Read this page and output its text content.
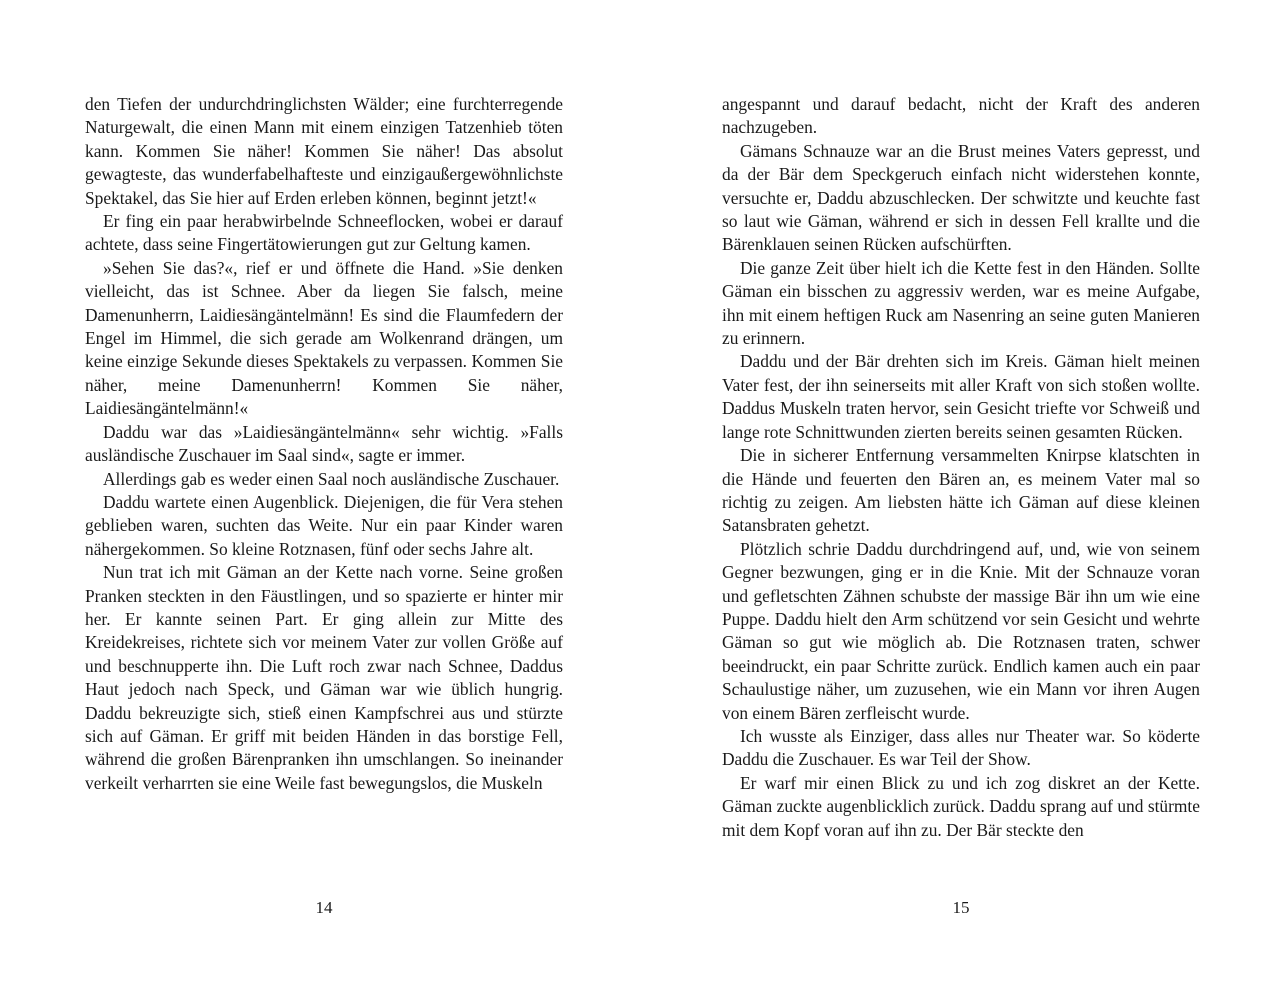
den Tiefen der undurchdringlichsten Wälder; eine furchterregende Naturgewalt, die einen Mann mit einem einzigen Tatzenhieb töten kann. Kommen Sie näher! Kommen Sie näher! Das absolut gewagteste, das wunderfabelhafteste und einzigaußergewöhnlichste Spektakel, das Sie hier auf Erden erleben können, beginnt jetzt!«

Er fing ein paar herabwirbelnde Schneeflocken, wobei er darauf achtete, dass seine Fingertätowierungen gut zur Geltung kamen.

»Sehen Sie das?«, rief er und öffnete die Hand. »Sie denken vielleicht, das ist Schnee. Aber da liegen Sie falsch, meine Damenunherrn, Laidiesängäntelmänn! Es sind die Flaumfedern der Engel im Himmel, die sich gerade am Wolkenrand drängen, um keine einzige Sekunde dieses Spektakels zu verpassen. Kommen Sie näher, meine Damenunherrn! Kommen Sie näher, Laidiesängäntelmänn!«

Daddu war das »Laidiesängäntelmänn« sehr wichtig. »Falls ausländische Zuschauer im Saal sind«, sagte er immer.

Allerdings gab es weder einen Saal noch ausländische Zuschauer.

Daddu wartete einen Augenblick. Diejenigen, die für Vera stehen geblieben waren, suchten das Weite. Nur ein paar Kinder waren nähergekommen. So kleine Rotznasen, fünf oder sechs Jahre alt.

Nun trat ich mit Gäman an der Kette nach vorne. Seine großen Pranken steckten in den Fäustlingen, und so spazierte er hinter mir her. Er kannte seinen Part. Er ging allein zur Mitte des Kreidekreises, richtete sich vor meinem Vater zur vollen Größe auf und beschnupperte ihn. Die Luft roch zwar nach Schnee, Daddus Haut jedoch nach Speck, und Gäman war wie üblich hungrig. Daddu bekreuzigte sich, stieß einen Kampfschrei aus und stürzte sich auf Gäman. Er griff mit beiden Händen in das borstige Fell, während die großen Bärenpranken ihn umschlangen. So ineinander verkeilt verharrten sie eine Weile fast bewegungslos, die Muskeln

14

angespannt und darauf bedacht, nicht der Kraft des anderen nachzugeben.

Gämans Schnauze war an die Brust meines Vaters gepresst, und da der Bär dem Speckgeruch einfach nicht widerstehen konnte, versuchte er, Daddu abzuschlecken. Der schwitzte und keuchte fast so laut wie Gäman, während er sich in dessen Fell krallte und die Bärenklauen seinen Rücken aufschürften.

Die ganze Zeit über hielt ich die Kette fest in den Händen. Sollte Gäman ein bisschen zu aggressiv werden, war es meine Aufgabe, ihn mit einem heftigen Ruck am Nasenring an seine guten Manieren zu erinnern.

Daddu und der Bär drehten sich im Kreis. Gäman hielt meinen Vater fest, der ihn seinerseits mit aller Kraft von sich stoßen wollte. Daddus Muskeln traten hervor, sein Gesicht triefte vor Schweiß und lange rote Schnittwunden zierten bereits seinen gesamten Rücken.

Die in sicherer Entfernung versammelten Knirpse klatschten in die Hände und feuerten den Bären an, es meinem Vater mal so richtig zu zeigen. Am liebsten hätte ich Gäman auf diese kleinen Satansbraten gehetzt.

Plötzlich schrie Daddu durchdringend auf, und, wie von seinem Gegner bezwungen, ging er in die Knie. Mit der Schnauze voran und gefletschten Zähnen schubste der massige Bär ihn um wie eine Puppe. Daddu hielt den Arm schützend vor sein Gesicht und wehrte Gäman so gut wie möglich ab. Die Rotznasen traten, schwer beeindruckt, ein paar Schritte zurück. Endlich kamen auch ein paar Schaulustige näher, um zuzusehen, wie ein Mann vor ihren Augen von einem Bären zerfleischt wurde.

Ich wusste als Einziger, dass alles nur Theater war. So köderte Daddu die Zuschauer. Es war Teil der Show.

Er warf mir einen Blick zu und ich zog diskret an der Kette. Gäman zuckte augenblicklich zurück. Daddu sprang auf und stürmte mit dem Kopf voran auf ihn zu. Der Bär steckte den

15
